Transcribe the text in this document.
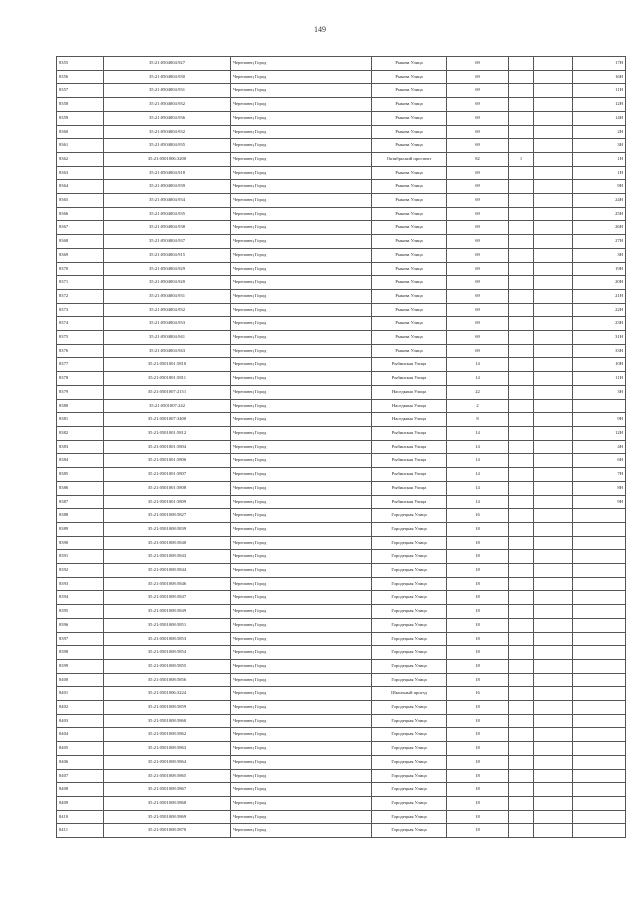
149
8355	35:21:0504004:927	Череповец Город	Рыкова Улица	69			17Н
8356	35:21:0504004:930	Череповец Город	Рыкова Улица	69			16Н
8357	35:21:0504004:931	Череповец Город	Рыкова Улица	69			11Н
8358	35:21:0504004:932	Череповец Город	Рыкова Улица	69			12Н
8359	35:21:0504004:936	Череповец Город	Рыкова Улица	69			14Н
8360	35:21:0504004:932	Череповец Город	Рыкова Улица	69			2Н
8361	35:21:0504004:935	Череповец Город	Рыкова Улица	69			3Н
8362	35:21:0501006:3200	Череповец Город	Октябрьский проспект	82	1		1Н
8363	35:21:0504004:918	Череповец Город	Рыкова Улица	69			1Н
8364	35:21:0504004:939	Череповец Город	Рыкова Улица	69			9Н
8365	35:21:0504004:934	Череповец Город	Рыкова Улица	69			24Н
8366	35:21:0504004:935	Череповец Город	Рыкова Улица	69			25Н
8367	35:21:0504004:938	Череповец Город	Рыкова Улица	69			26Н
8368	35:21:0504004:937	Череповец Город	Рыкова Улица	69			27Н
8369	35:21:0504004:915	Череповец Город	Рыкова Улица	69			3Н
8370	35:21:0504004:929	Череповец Город	Рыкова Улица	69			19Н
8371	35:21:0504004:920	Череповец Город	Рыкова Улица	69			20Н
8372	35:21:0504004:931	Череповец Город	Рыкова Улица	69			21Н
8373	35:21:0504004:932	Череповец Город	Рыкова Улица	69			22Н
8374	35:21:0504004:933	Череповец Город	Рыкова Улица	69			23Н
8375	35:21:0504004:941	Череповец Город	Рыкова Улица	69			31Н
8376	35:21:0504004:943	Череповец Город	Рыкова Улица	69			33Н
8377	35:21:0501001:5810	Череповец Город	Рыбинская Улица	14			10Н
8378	35:21:0501001:5811	Череповец Город	Рыбинская Улица	14			11Н
8379	35:21:0501007:2151	Череповец Город	Наседкина Улица	22			3Н
8380	35:21:0501007:242	Череповец Город	Наседкина Улица	2			
8381	35:21:0501007:3400	Череповец Город	Наседкина Улица	8			9Н
8382	35:21:0501001:5812	Череповец Город	Рыбинская Улица	14			12Н
8383	35:21:0501001:5804	Череповец Город	Рыбинская Улица	14			4Н
8384	35:21:0501001:5806	Череповец Город	Рыбинская Улица	14			6Н
8385	35:21:0501001:5807	Череповец Город	Рыбинская Улица	14			7Н
8386	35:21:0501001:5808	Череповец Город	Рыбинская Улица	14			8Н
8387	35:21:0501001:5809	Череповец Город	Рыбинская Улица	14			9Н
8388	35:21:0501008:5827	Череповец Город	Городецкая Улица	16			
8389	35:21:0501008:5839	Череповец Город	Городецкая Улица	18			
8390	35:21:0501008:5840	Череповец Город	Городецкая Улица	18			
8391	35:21:0501008:5843	Череповец Город	Городецкая Улица	18			
8392	35:21:0501008:5844	Череповец Город	Городецкая Улица	18			
8393	35:21:0501008:5846	Череповец Город	Городецкая Улица	18			
8394	35:21:0501008:5847	Череповец Город	Городецкая Улица	18			
8395	35:21:0501008:5849	Череповец Город	Городецкая Улица	18			
8396	35:21:0501008:5851	Череповец Город	Городецкая Улица	18			
8397	35:21:0501008:5853	Череповец Город	Городецкая Улица	18			
8398	35:21:0501008:5854	Череповец Город	Городецкая Улица	18			
8399	35:21:0501008:5855	Череповец Город	Городецкая Улица	18			
8400	35:21:0501008:5856	Череповец Город	Городецкая Улица	18			
8401	35:21:0501006:3224	Череповец Город	Школьный проезд	16			
8402	35:21:0501008:5859	Череповец Город	Городецкая Улица	18			
8403	35:21:0501008:5860	Череповец Город	Городецкая Улица	18			
8404	35:21:0501008:5862	Череповец Город	Городецкая Улица	18			
8405	35:21:0501008:5863	Череповец Город	Городецкая Улица	18			
8406	35:21:0501008:5864	Череповец Город	Городецкая Улица	18			
8407	35:21:0501008:5865	Череповец Город	Городецкая Улица	18			
8408	35:21:0501008:5867	Череповец Город	Городецкая Улица	18			
8409	35:21:0501008:5868	Череповец Город	Городецкая Улица	18			
8410	35:21:0501008:5869	Череповец Город	Городецкая Улица	18			
8411	35:21:0501008:5870	Череповец Город	Городецкая Улица	18			
